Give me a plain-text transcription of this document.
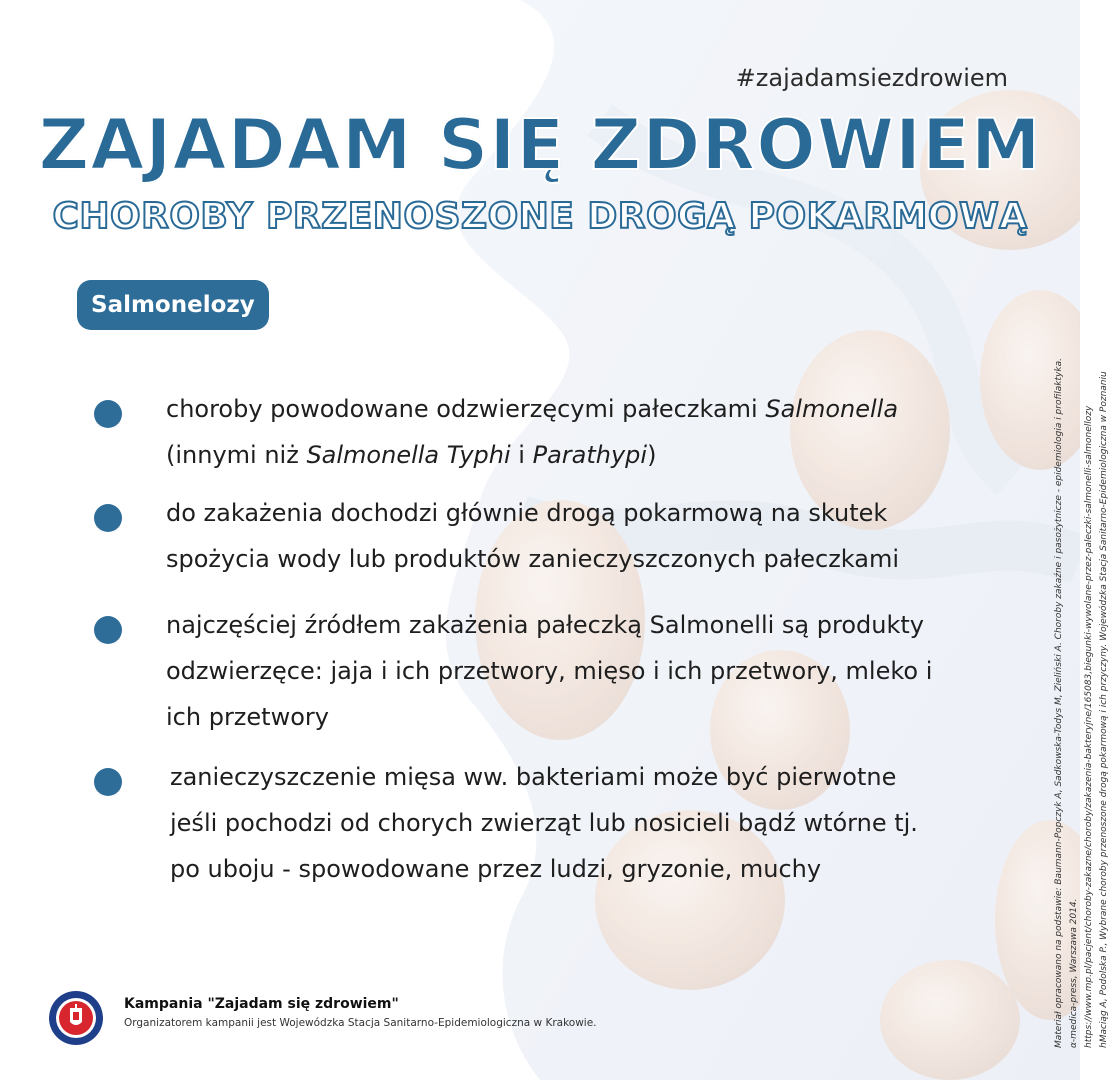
#zajadamsiezdrowiem
ZAJADAM SIĘ ZDROWIEM
CHOROBY PRZENOSZONE DROGĄ POKARMOWĄ
Salmonelozy
choroby powodowane odzwierzęcymi pałeczkami Salmonella
(innymi niż Salmonella Typhi i Parathypi)
do zakażenia dochodzi głównie drogą pokarmową na skutek spożycia wody lub produktów zanieczyszczonych pałeczkami
najczęściej źródłem zakażenia pałeczką Salmonelli są produkty odzwierzęce: jaja i ich przetwory, mięso i ich przetwory, mleko i ich przetwory
zanieczyszczenie mięsa ww. bakteriami może być pierwotne jeśli pochodzi od chorych zwierząt lub nosicieli bądź wtórne tj. po uboju - spowodowane przez ludzi, gryzonie, muchy
Kampania "Zajadam się zdrowiem"
Organizatorem kampanii jest Wojewódzka Stacja Sanitarno-Epidemiologiczna w Krakowie.	Materiał opracowano na podstawie: Baumann-Popczyk A, Sadkowska-Todys M, Zieliński A. Choroby zakaźne i pasożytnicze - epidemiologia i profilaktyka. α-medica-press, Warszawa 2014. https://www.mp.pl/pacjent/choroby-zakazne/choroby/zakazenia-bakteryjne/165083,biegunki-wywolane-przez-paleczki-salmonelli-salmonellozy hMaciąg A, Podolska P., Wybrane choroby przenoszone drogą pokarmową i ich przyczyny. Wojewódzka Stacja Sanitarno-Epidemiologiczna w Poznaniu
